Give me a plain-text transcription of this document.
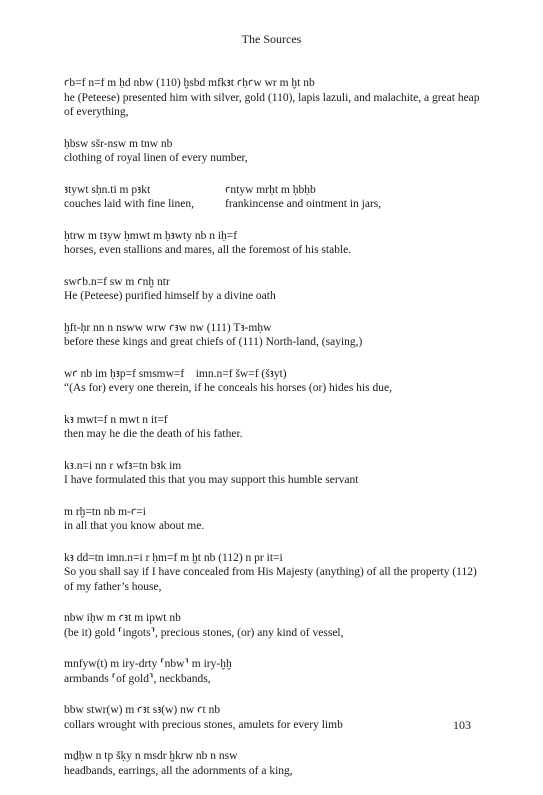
The Sources

ꜥb=f n=f m ḥd nbw (110) ḫsbd mfkꜣt ꜥḥꜥw wr m ḫt nb

he (Peteese) presented him with silver, gold (110), lapis lazuli, and malachite, a great heap of everything,

ḥbsw sšr-nsw m tnw nb

clothing of royal linen of every number,

ꜣtywt sḥn.ti m pꜣkt

couches laid with fine linen,

ꜥntyw mrḥt m ḥbḥb

frankincense and ointment in jars,

ḥtrw m tꜣyw ḥmwt m ḥꜣwty nb n iḥ=f

horses, even stallions and mares, all the foremost of his stable.

swꜥb.n=f sw m ꜥnḫ ntr

He (Peteese) purified himself by a divine oath

ḫft-ḥr nn n nsww wrw ꜥꜣw nw (111) Tꜣ-mḥw

before these kings and great chiefs of (111) North-land, (saying,)

wꜥ nb im ḥꜣp=f smsmw=f    imn.n=f šw=f (šꜣyt)

“(As for) every one therein, if he conceals his horses (or) hides his due,

kꜣ mwt=f n mwt n it=f

then may he die the death of his father.

kꜣ.n=i nn r wfꜣ=tn bꜣk im

I have formulated this that you may support this humble servant

m rḫ=tn nb m-ꜥ=i

in all that you know about me.

kꜣ dd=tn imn.n=i r ḥm=f m ḫt nb (112) n pr it=i

So you shall say if I have concealed from His Majesty (anything) of all the property (112) of my father’s house,

nbw iḥw m ꜥꜣt m ipwt nb

(be it) gold ⸢ingots⸣, precious stones, (or) any kind of vessel,

mnfyw(t) m iry-drty ⸢nbw⸣ m iry-ḫḫ

armbands ⸢of gold⸣, neckbands,

bbw stwr(w) m ꜥꜣt sꜣ(w) nw ꜥt nb

collars wrought with precious stones, amulets for every limb

mḏḥw n tp šḳy n msdr ḫkrw nb n nsw

headbands, earrings, all the adornments of a king,

103
